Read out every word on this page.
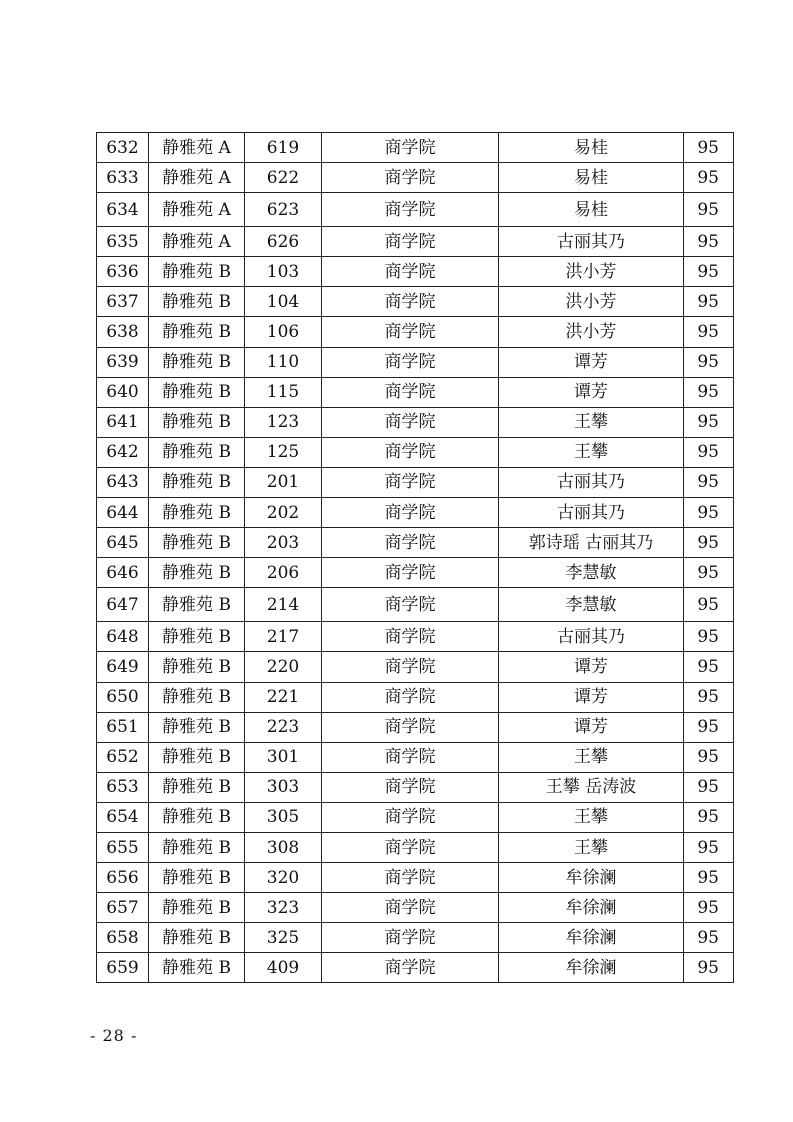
632	静雅苑 A	619	商学院	易桂	95
633	静雅苑 A	622	商学院	易桂	95
634	静雅苑 A	623	商学院	易桂	95
635	静雅苑 A	626	商学院	古丽其乃	95
636	静雅苑 B	103	商学院	洪小芳	95
637	静雅苑 B	104	商学院	洪小芳	95
638	静雅苑 B	106	商学院	洪小芳	95
639	静雅苑 B	110	商学院	谭芳	95
640	静雅苑 B	115	商学院	谭芳	95
641	静雅苑 B	123	商学院	王攀	95
642	静雅苑 B	125	商学院	王攀	95
643	静雅苑 B	201	商学院	古丽其乃	95
644	静雅苑 B	202	商学院	古丽其乃	95
645	静雅苑 B	203	商学院	郭诗瑶 古丽其乃	95
646	静雅苑 B	206	商学院	李慧敏	95
647	静雅苑 B	214	商学院	李慧敏	95
648	静雅苑 B	217	商学院	古丽其乃	95
649	静雅苑 B	220	商学院	谭芳	95
650	静雅苑 B	221	商学院	谭芳	95
651	静雅苑 B	223	商学院	谭芳	95
652	静雅苑 B	301	商学院	王攀	95
653	静雅苑 B	303	商学院	王攀 岳涛波	95
654	静雅苑 B	305	商学院	王攀	95
655	静雅苑 B	308	商学院	王攀	95
656	静雅苑 B	320	商学院	牟徐澜	95
657	静雅苑 B	323	商学院	牟徐澜	95
658	静雅苑 B	325	商学院	牟徐澜	95
659	静雅苑 B	409	商学院	牟徐澜	95
- 28 -
